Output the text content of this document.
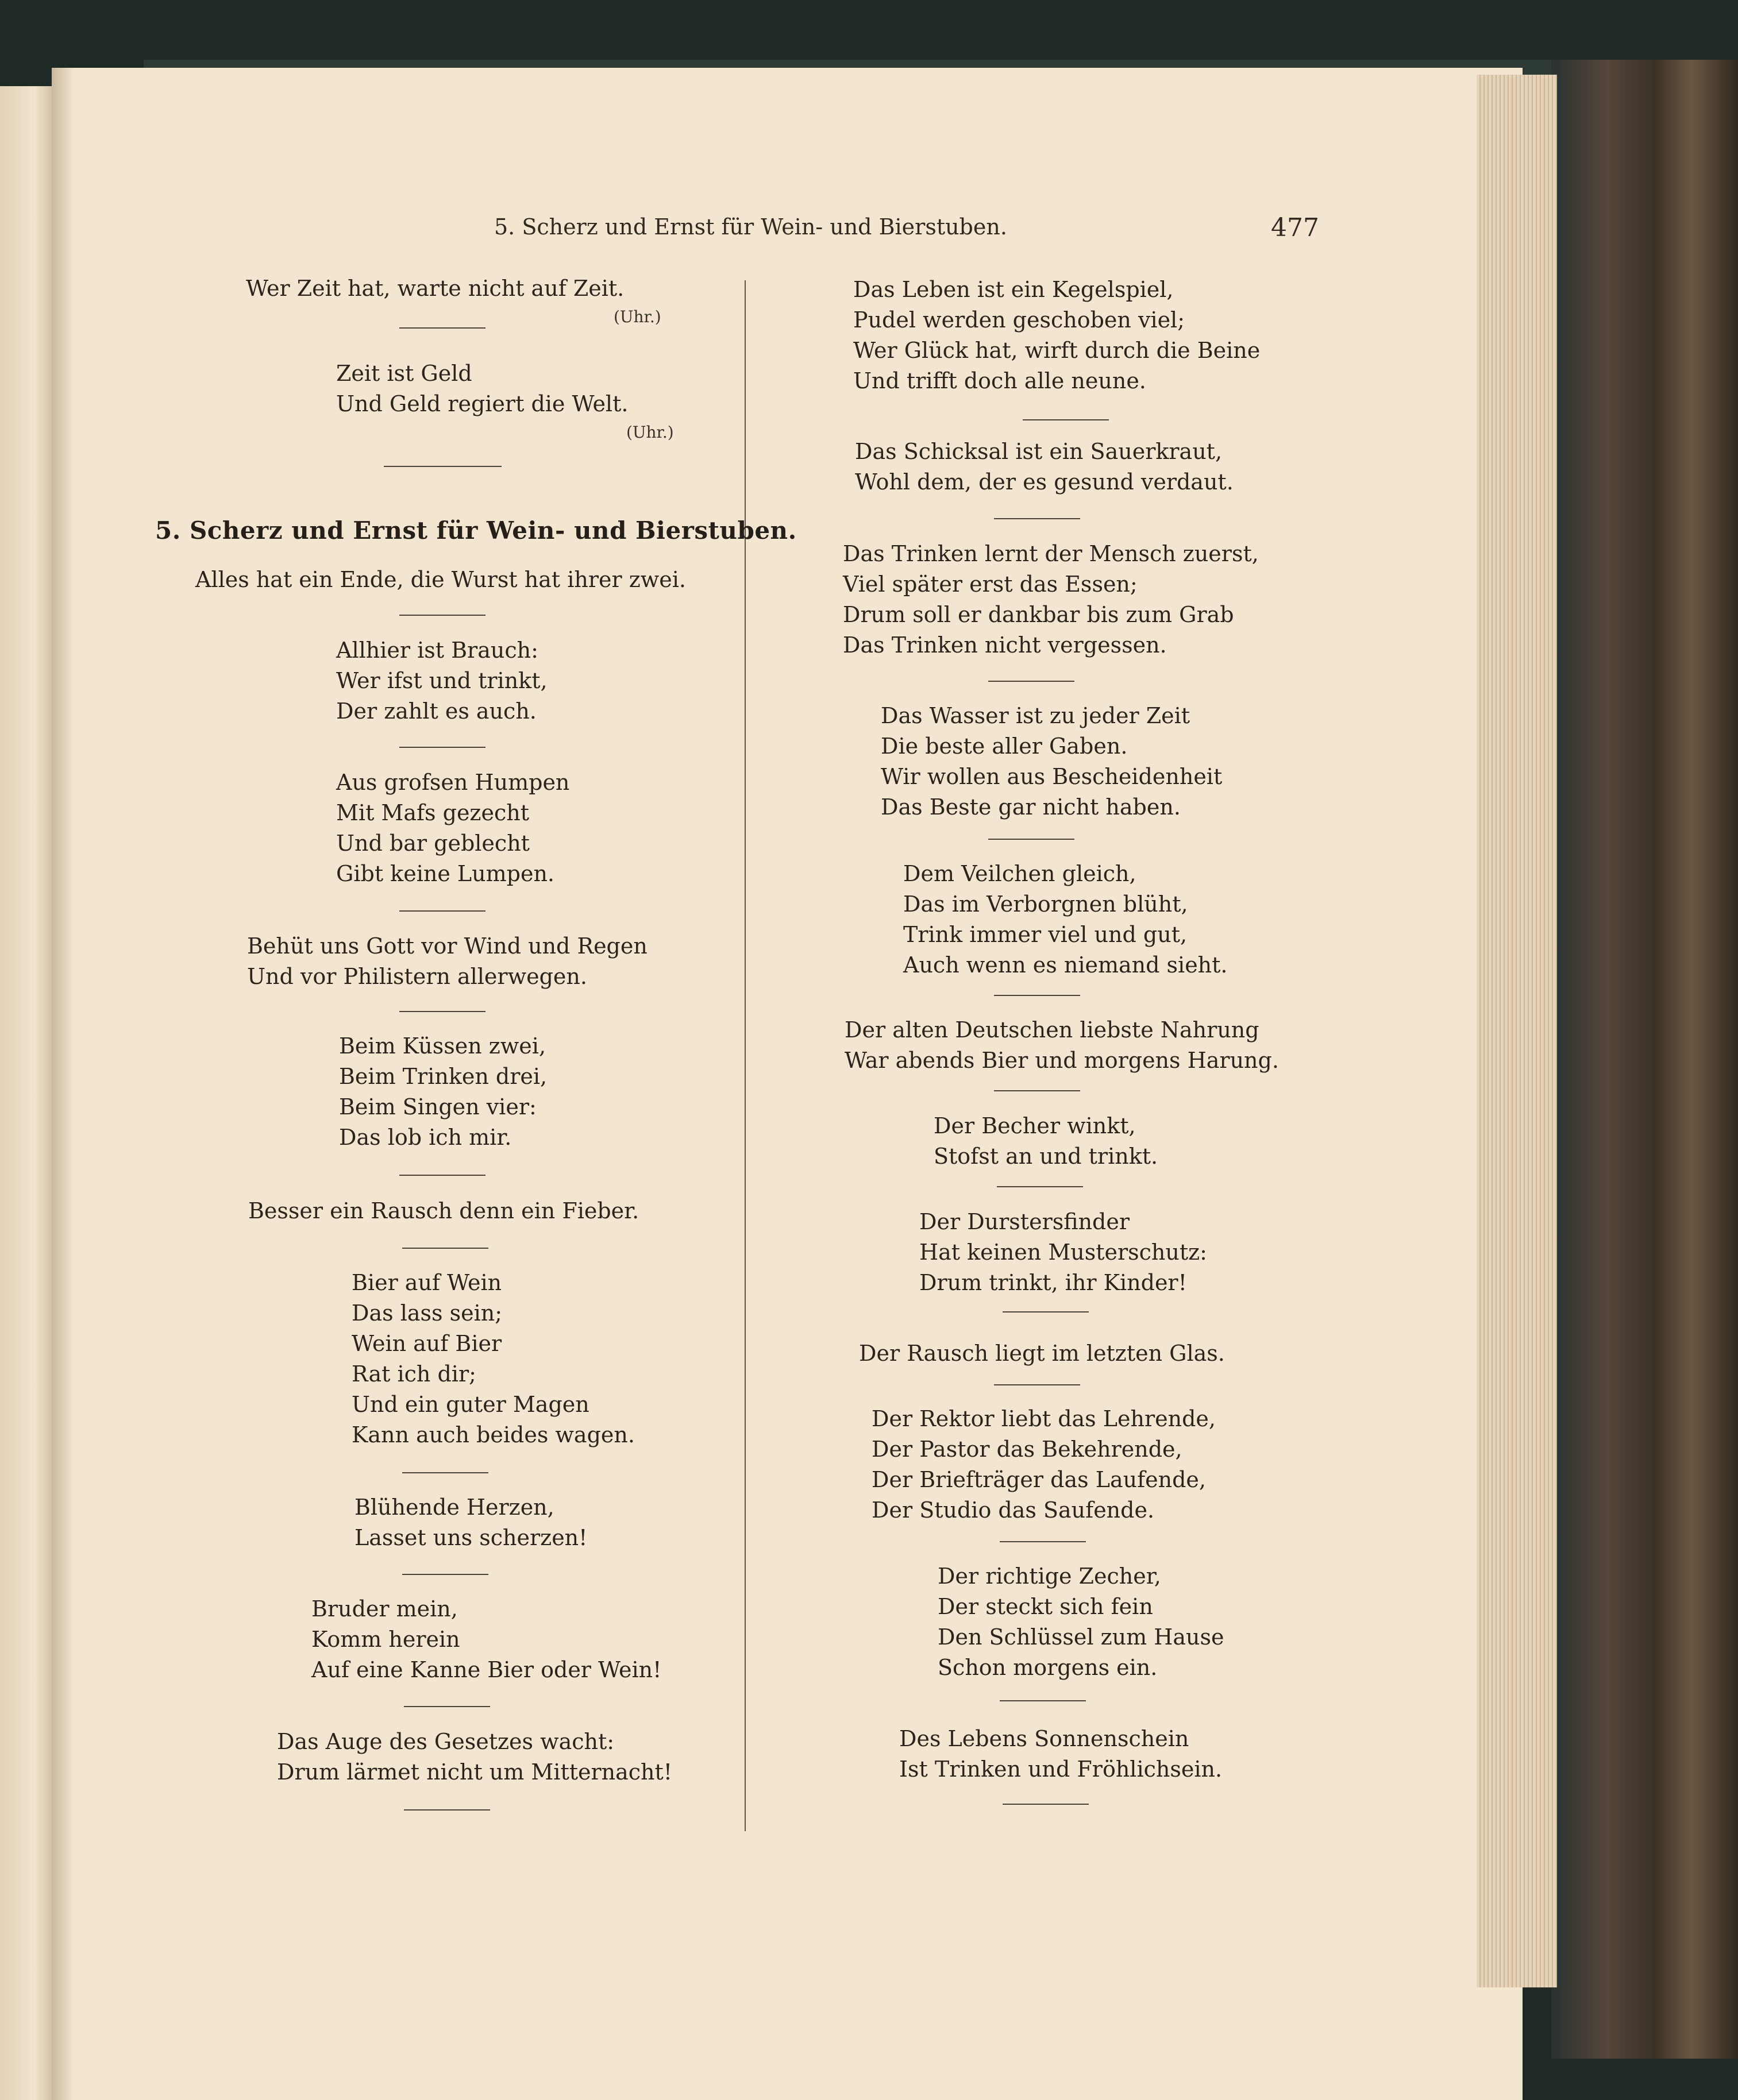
5. Scherz und Ernst für Wein- und Bierstuben.	477
Wer Zeit hat, warte nicht auf Zeit.
(Uhr.)
Zeit ist Geld
Und Geld regiert die Welt.
(Uhr.)
5. Scherz und Ernst für Wein- und Bierstuben.
Alles hat ein Ende, die Wurst hat ihrer zwei.
Allhier ist Brauch:
Wer ifst und trinkt,
Der zahlt es auch.
Aus grofsen Humpen
Mit Mafs gezecht
Und bar geblecht
Gibt keine Lumpen.
Behüt uns Gott vor Wind und Regen
Und vor Philistern allerwegen.
Beim Küssen zwei,
Beim Trinken drei,
Beim Singen vier:
Das lob ich mir.
Besser ein Rausch denn ein Fieber.
Bier auf Wein
Das lass sein;
Wein auf Bier
Rat ich dir;
Und ein guter Magen
Kann auch beides wagen.
Blühende Herzen,
Lasset uns scherzen!
Bruder mein,
Komm herein
Auf eine Kanne Bier oder Wein!
Das Auge des Gesetzes wacht:
Drum lärmet nicht um Mitternacht!
Das Leben ist ein Kegelspiel,
Pudel werden geschoben viel;
Wer Glück hat, wirft durch die Beine
Und trifft doch alle neune.
Das Schicksal ist ein Sauerkraut,
Wohl dem, der es gesund verdaut.
Das Trinken lernt der Mensch zuerst,
Viel später erst das Essen;
Drum soll er dankbar bis zum Grab
Das Trinken nicht vergessen.
Das Wasser ist zu jeder Zeit
Die beste aller Gaben.
Wir wollen aus Bescheidenheit
Das Beste gar nicht haben.
Dem Veilchen gleich,
Das im Verborgnen blüht,
Trink immer viel und gut,
Auch wenn es niemand sieht.
Der alten Deutschen liebste Nahrung
War abends Bier und morgens Harung.
Der Becher winkt,
Stofst an und trinkt.
Der Durstersfinder
Hat keinen Musterschutz:
Drum trinkt, ihr Kinder!
Der Rausch liegt im letzten Glas.
Der Rektor liebt das Lehrende,
Der Pastor das Bekehrende,
Der Briefträger das Laufende,
Der Studio das Saufende.
Der richtige Zecher,
Der steckt sich fein
Den Schlüssel zum Hause
Schon morgens ein.
Des Lebens Sonnenschein
Ist Trinken und Fröhlichsein.
